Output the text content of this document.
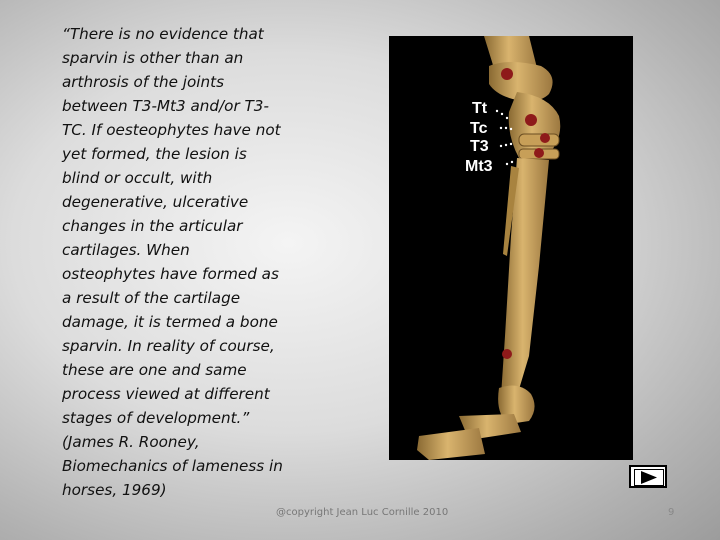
“There is no evidence that
sparvin is other than an
arthrosis of the joints
between T3-Mt3 and/or T3-
TC. If oesteophytes have not
yet formed, the lesion is
blind or occult, with
degenerative, ulcerative
changes in the articular
cartilages. When
osteophytes have formed as
a result of the cartilage
damage, it is termed a bone
sparvin. In reality of course,
these are one and same
process viewed at different
stages of development.”
(James R. Rooney,
Biomechanics of lameness in
horses, 1969)

Tt
Tc
T3
Mt3
@copyright Jean Luc Cornille 2010	9
